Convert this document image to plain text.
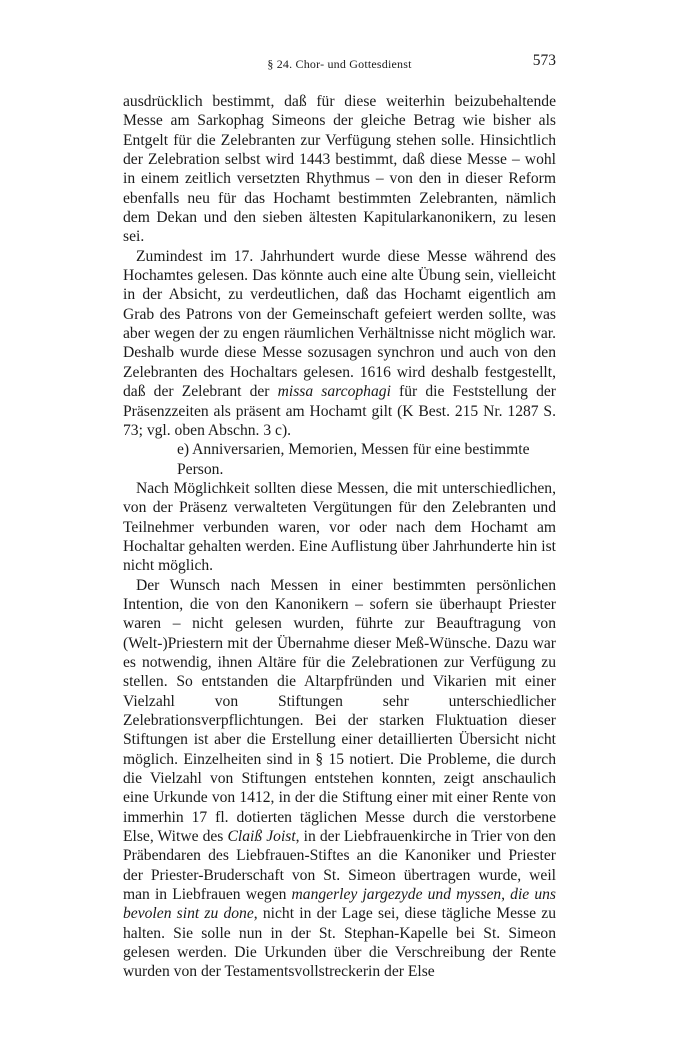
§ 24. Chor- und Gottesdienst	573

ausdrücklich bestimmt, daß für diese weiterhin beizubehaltende Messe am Sarkophag Simeons der gleiche Betrag wie bisher als Entgelt für die Zelebranten zur Verfügung stehen solle. Hinsichtlich der Zelebration selbst wird 1443 bestimmt, daß diese Messe – wohl in einem zeitlich versetzten Rhythmus – von den in dieser Reform ebenfalls neu für das Hochamt bestimmten Zelebranten, nämlich dem Dekan und den sieben ältesten Kapitularkanonikern, zu lesen sei.

Zumindest im 17. Jahrhundert wurde diese Messe während des Hochamtes gelesen. Das könnte auch eine alte Übung sein, vielleicht in der Absicht, zu verdeutlichen, daß das Hochamt eigentlich am Grab des Patrons von der Gemeinschaft gefeiert werden sollte, was aber wegen der zu engen räumlichen Verhältnisse nicht möglich war. Deshalb wurde diese Messe sozusagen synchron und auch von den Zelebranten des Hochaltars gelesen. 1616 wird deshalb festgestellt, daß der Zelebrant der missa sarcophagi für die Feststellung der Präsenzzeiten als präsent am Hochamt gilt (K Best. 215 Nr. 1287 S. 73; vgl. oben Abschn. 3 c).

e) Anniversarien, Memorien, Messen für eine bestimmte Person.

Nach Möglichkeit sollten diese Messen, die mit unterschiedlichen, von der Präsenz verwalteten Vergütungen für den Zelebranten und Teilnehmer verbunden waren, vor oder nach dem Hochamt am Hochaltar gehalten werden. Eine Auflistung über Jahrhunderte hin ist nicht möglich.

Der Wunsch nach Messen in einer bestimmten persönlichen Intention, die von den Kanonikern – sofern sie überhaupt Priester waren – nicht gelesen wurden, führte zur Beauftragung von (Welt-)Priestern mit der Übernahme dieser Meß-Wünsche. Dazu war es notwendig, ihnen Altäre für die Zelebrationen zur Verfügung zu stellen. So entstanden die Altarpfründen und Vikarien mit einer Vielzahl von Stiftungen sehr unterschiedlicher Zelebrationsverpflichtungen. Bei der starken Fluktuation dieser Stiftungen ist aber die Erstellung einer detaillierten Übersicht nicht möglich. Einzelheiten sind in § 15 notiert. Die Probleme, die durch die Vielzahl von Stiftungen entstehen konnten, zeigt anschaulich eine Urkunde von 1412, in der die Stiftung einer mit einer Rente von immerhin 17 fl. dotierten täglichen Messe durch die verstorbene Else, Witwe des Claiß Joist, in der Liebfrauenkirche in Trier von den Präbendaren des Liebfrauen-Stiftes an die Kanoniker und Priester der Priester-Bruderschaft von St. Simeon übertragen wurde, weil man in Liebfrauen wegen mangerley jargezyde und myssen, die uns bevolen sint zu done, nicht in der Lage sei, diese tägliche Messe zu halten. Sie solle nun in der St. Stephan-Kapelle bei St. Simeon gelesen werden. Die Urkunden über die Verschreibung der Rente wurden von der Testamentsvollstreckerin der Else
